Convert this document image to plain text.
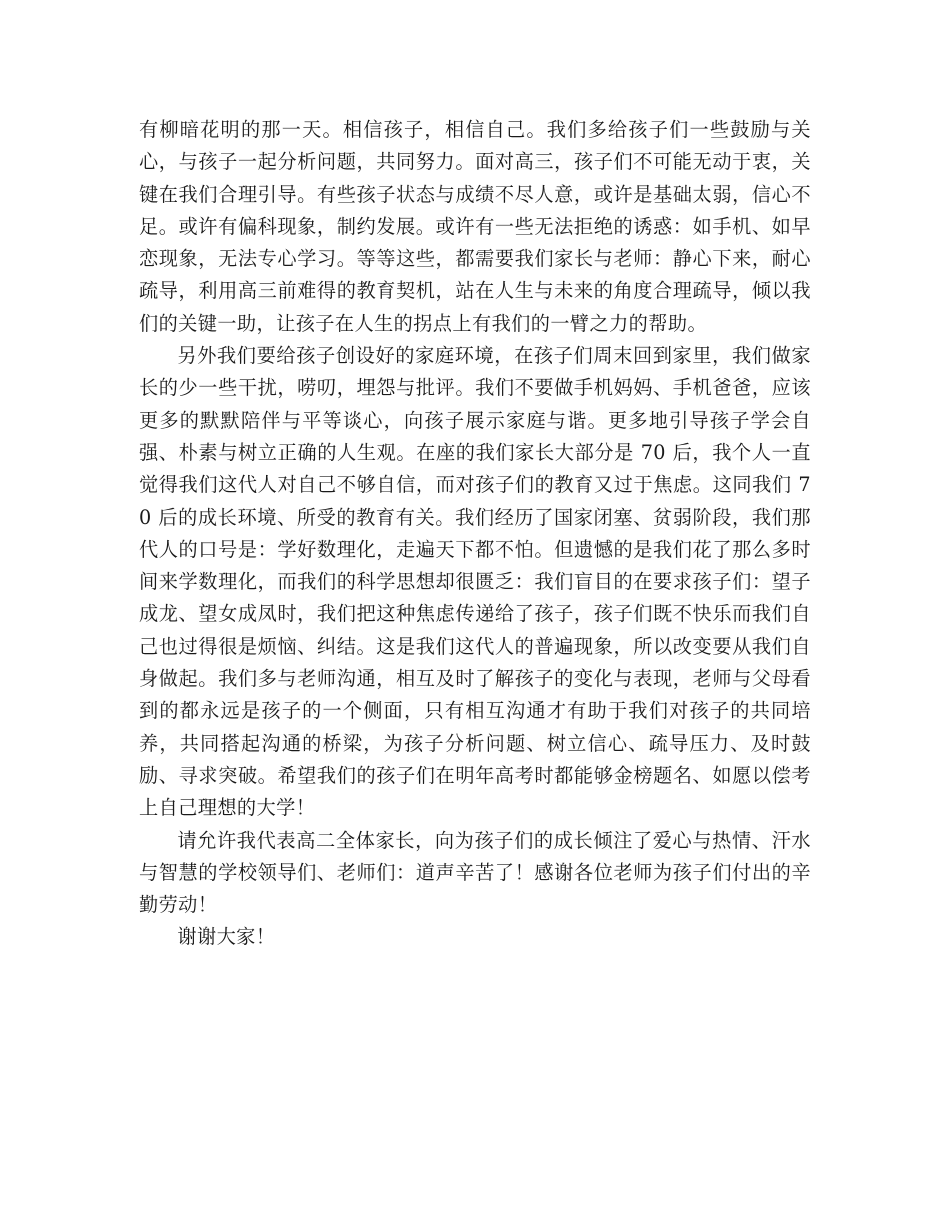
有柳暗花明的那一天。相信孩子，相信自己。我们多给孩子们一些鼓励与关心，与孩子一起分析问题，共同努力。面对高三，孩子们不可能无动于衷，关键在我们合理引导。有些孩子状态与成绩不尽人意，或许是基础太弱，信心不足。或许有偏科现象，制约发展。或许有一些无法拒绝的诱惑：如手机、如早恋现象，无法专心学习。等等这些，都需要我们家长与老师：静心下来，耐心疏导，利用高三前难得的教育契机，站在人生与未来的角度合理疏导，倾以我们的关键一助，让孩子在人生的拐点上有我们的一臂之力的帮助。

另外我们要给孩子创设好的家庭环境，在孩子们周末回到家里，我们做家长的少一些干扰，唠叨，埋怨与批评。我们不要做手机妈妈、手机爸爸，应该更多的默默陪伴与平等谈心，向孩子展示家庭与谐。更多地引导孩子学会自强、朴素与树立正确的人生观。在座的我们家长大部分是 70 后，我个人一直觉得我们这代人对自己不够自信，而对孩子们的教育又过于焦虑。这同我们 70 后的成长环境、所受的教育有关。我们经历了国家闭塞、贫弱阶段，我们那代人的口号是：学好数理化，走遍天下都不怕。但遗憾的是我们花了那么多时间来学数理化，而我们的科学思想却很匮乏：我们盲目的在要求孩子们：望子成龙、望女成凤时，我们把这种焦虑传递给了孩子，孩子们既不快乐而我们自己也过得很是烦恼、纠结。这是我们这代人的普遍现象，所以改变要从我们自身做起。我们多与老师沟通，相互及时了解孩子的变化与表现，老师与父母看到的都永远是孩子的一个侧面，只有相互沟通才有助于我们对孩子的共同培养，共同搭起沟通的桥梁，为孩子分析问题、树立信心、疏导压力、及时鼓励、寻求突破。希望我们的孩子们在明年高考时都能够金榜题名、如愿以偿考上自己理想的大学！

请允许我代表高二全体家长，向为孩子们的成长倾注了爱心与热情、汗水与智慧的学校领导们、老师们：道声辛苦了！感谢各位老师为孩子们付出的辛勤劳动！

谢谢大家！
